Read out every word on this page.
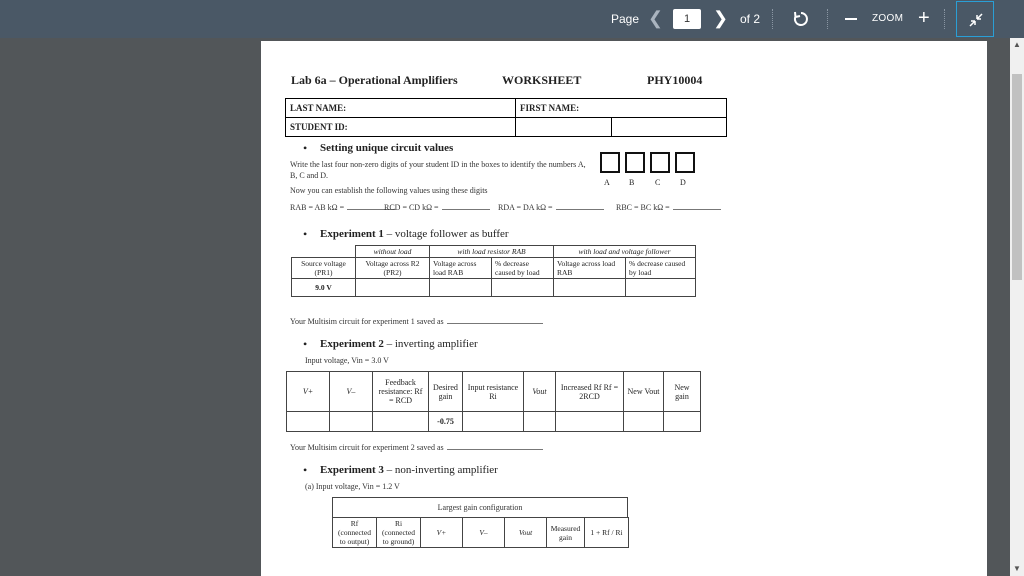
Page ❮
1	❯ of 2	ZOOM +
▲
▼
Lab 6a – Operational Amplifiers	WORKSHEET	PHY10004
LAST NAME:	FIRST NAME:	
STUDENT ID:		
• Setting unique circuit values
Write the last four non-zero digits of your student ID in the boxes to identify the numbers A, B, C and D.
A B	C D
Now you can establish the following values using these digits
RAB = AB kΩ =	RCD = CD kΩ =	RDA = DA kΩ =	RBC = BC kΩ =
• Experiment 1 – voltage follower as buffer
	without load	with load resistor RAB		with load and voltage follower	
Source voltage (PR1)	Voltage across R2 (PR2)	Voltage across load RAB	% decrease caused by load	Voltage across load RAB	% decrease caused by load
9.0 V					
Your Multisim circuit for experiment 1 saved as
• Experiment 2 – inverting amplifier
Input voltage, Vin = 3.0 V
V+	V–	Feedback resistance: Rf = RCD	Desired gain	Input resistance Ri	Vout	Increased Rf Rf = 2RCD	New Vout	New gain
			-0.75					
Your Multisim circuit for experiment 2 saved as
• Experiment 3 – non-inverting amplifier
(a) Input voltage, Vin = 1.2 V
Largest gain configuration
Rf (connected to output)	Ri (connected to ground)	V+	V–	Vout	Measured gain	1 + Rf / Ri
